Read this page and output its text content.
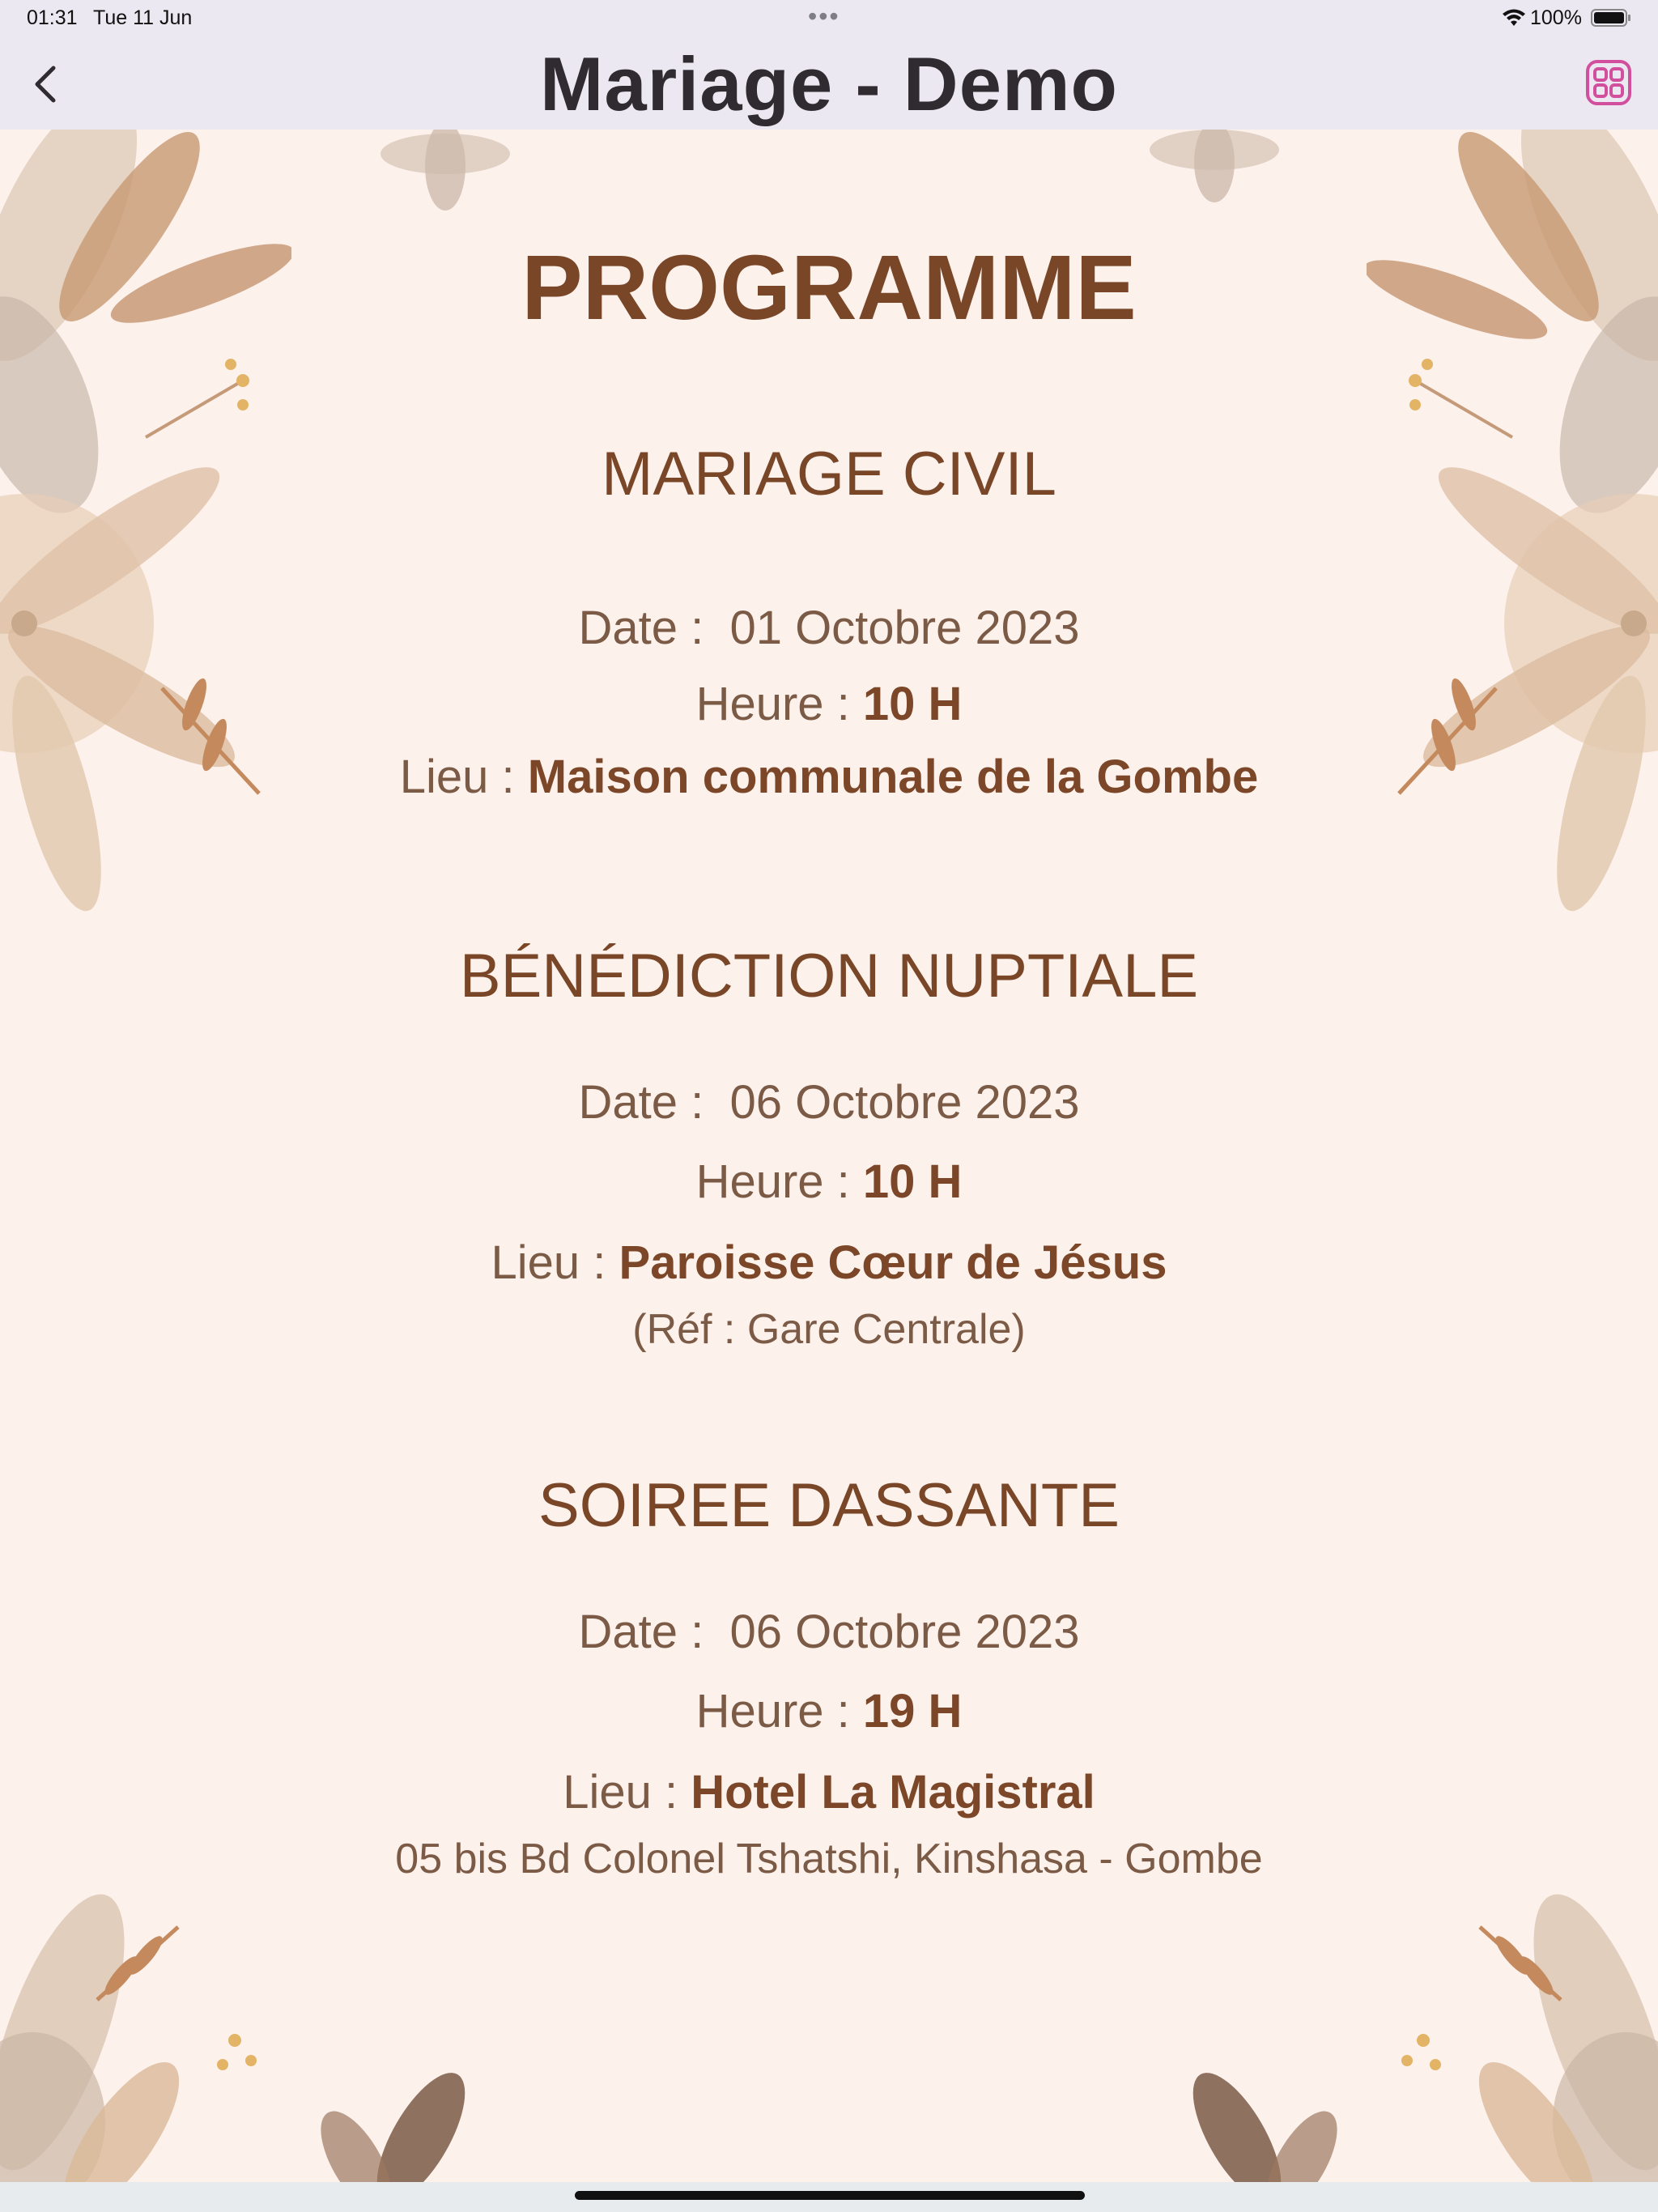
01:31 Tue 11 Jun	•••	100%
Mariage - Demo
PROGRAMME
MARIAGE CIVIL
Date : 01 Octobre 2023
Heure : 10 H
Lieu : Maison communale de la Gombe
BÉNÉDICTION NUPTIALE
Date : 06 Octobre 2023
Heure : 10 H
Lieu : Paroisse Cœur de Jésus
(Réf : Gare Centrale)
SOIREE DASSANTE
Date : 06 Octobre 2023
Heure : 19 H
Lieu : Hotel La Magistral
05 bis Bd Colonel Tshatshi, Kinshasa - Gombe
